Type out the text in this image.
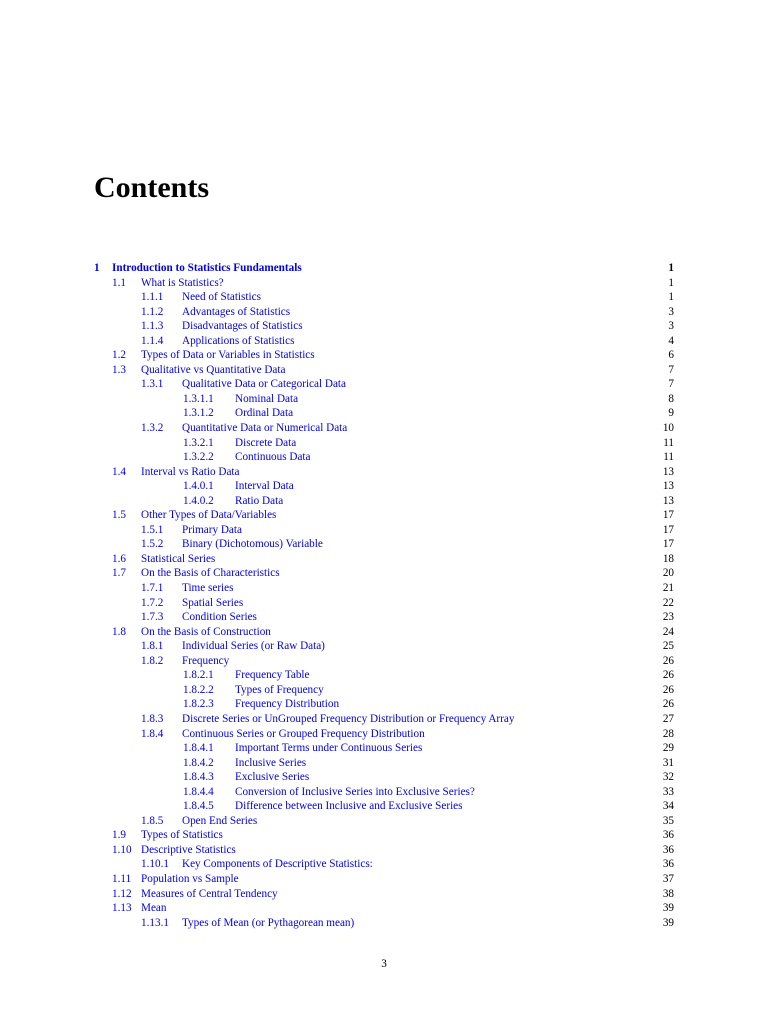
Contents
1 Introduction to Statistics Fundamentals	1
1.1 What is Statistics?	1
1.1.1 Need of Statistics	1
1.1.2 Advantages of Statistics	3
1.1.3 Disadvantages of Statistics	3
1.1.4 Applications of Statistics	4
1.2 Types of Data or Variables in Statistics	6
1.3 Qualitative vs Quantitative Data	7
1.3.1 Qualitative Data or Categorical Data	7
1.3.1.1 Nominal Data	8
1.3.1.2 Ordinal Data	9
1.3.2 Quantitative Data or Numerical Data	10
1.3.2.1 Discrete Data	11
1.3.2.2 Continuous Data	11
1.4 Interval vs Ratio Data	13
1.4.0.1 Interval Data	13
1.4.0.2 Ratio Data	13
1.5 Other Types of Data/Variables	17
1.5.1 Primary Data	17
1.5.2 Binary (Dichotomous) Variable	17
1.6 Statistical Series	18
1.7 On the Basis of Characteristics	20
1.7.1 Time series	21
1.7.2 Spatial Series	22
1.7.3 Condition Series	23
1.8 On the Basis of Construction	24
1.8.1 Individual Series (or Raw Data)	25
1.8.2 Frequency	26
1.8.2.1 Frequency Table	26
1.8.2.2 Types of Frequency	26
1.8.2.3 Frequency Distribution	26
1.8.3 Discrete Series or UnGrouped Frequency Distribution or Frequency Array	27
1.8.4 Continuous Series or Grouped Frequency Distribution	28
1.8.4.1 Important Terms under Continuous Series	29
1.8.4.2 Inclusive Series	31
1.8.4.3 Exclusive Series	32
1.8.4.4 Conversion of Inclusive Series into Exclusive Series?	33
1.8.4.5 Difference between Inclusive and Exclusive Series	34
1.8.5 Open End Series	35
1.9 Types of Statistics	36
1.10 Descriptive Statistics	36
1.10.1 Key Components of Descriptive Statistics:	36
1.11 Population vs Sample	37
1.12 Measures of Central Tendency	38
1.13 Mean	39
1.13.1 Types of Mean (or Pythagorean mean)	39
3
